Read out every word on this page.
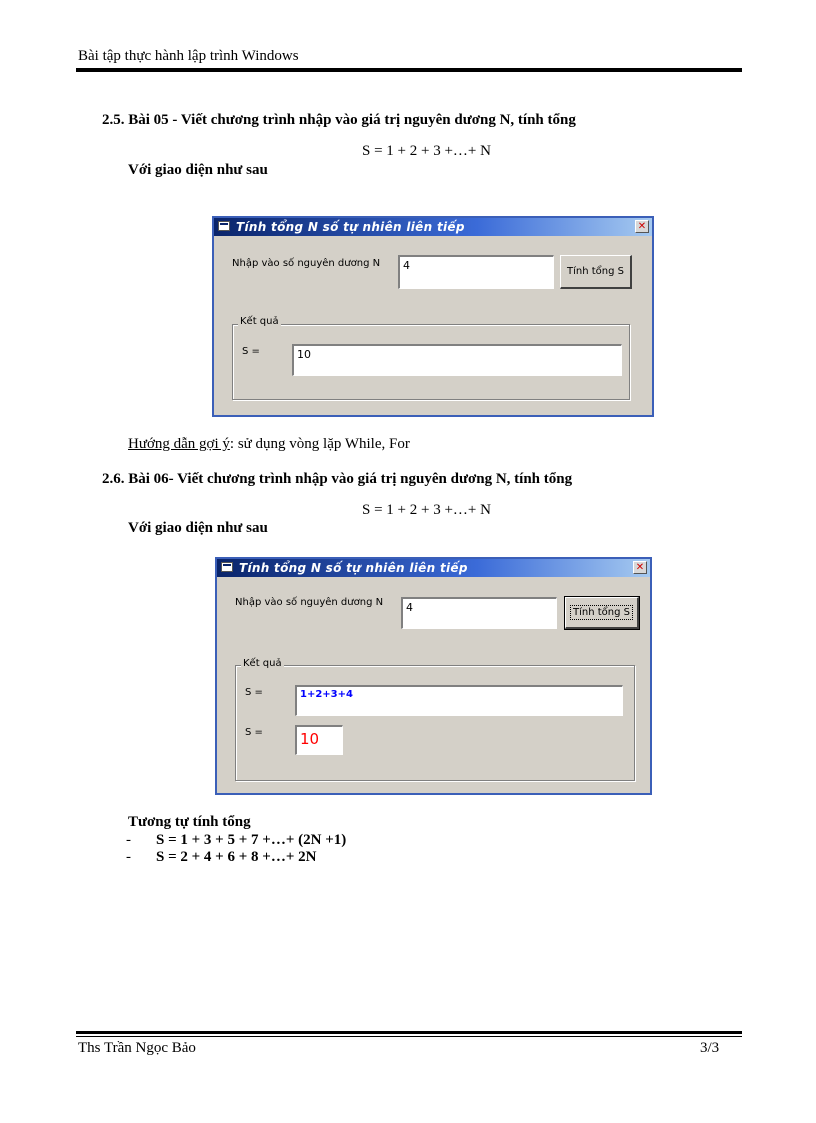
Bài tập thực hành lập trình Windows
2.5. Bài 05 - Viết chương trình nhập vào giá trị nguyên dương N, tính tổng
S = 1 + 2 + 3 +…+ N
Với giao diện như sau
Tính tổng N số tự nhiên liên tiếp	✕
Nhập vào số nguyên dương N	4	Tính tổng S
Kết quả
S =	10
Hướng dẫn gợi ý: sử dụng vòng lặp While, For
2.6. Bài 06- Viết chương trình nhập vào giá trị nguyên dương N, tính tổng
S = 1 + 2 + 3 +…+ N
Với giao diện như sau
Tính tổng N số tự nhiên liên tiếp	✕
Nhập vào số nguyên dương N	4	Tính tổng S
Kết quả
S =	1+2+3+4
S =	10
Tương tự tính tổng
- S = 1 + 3 + 5 + 7 +…+ (2N +1)
- S = 2 + 4 + 6 + 8 +…+ 2N
Ths Trần Ngọc Bảo	3/3
